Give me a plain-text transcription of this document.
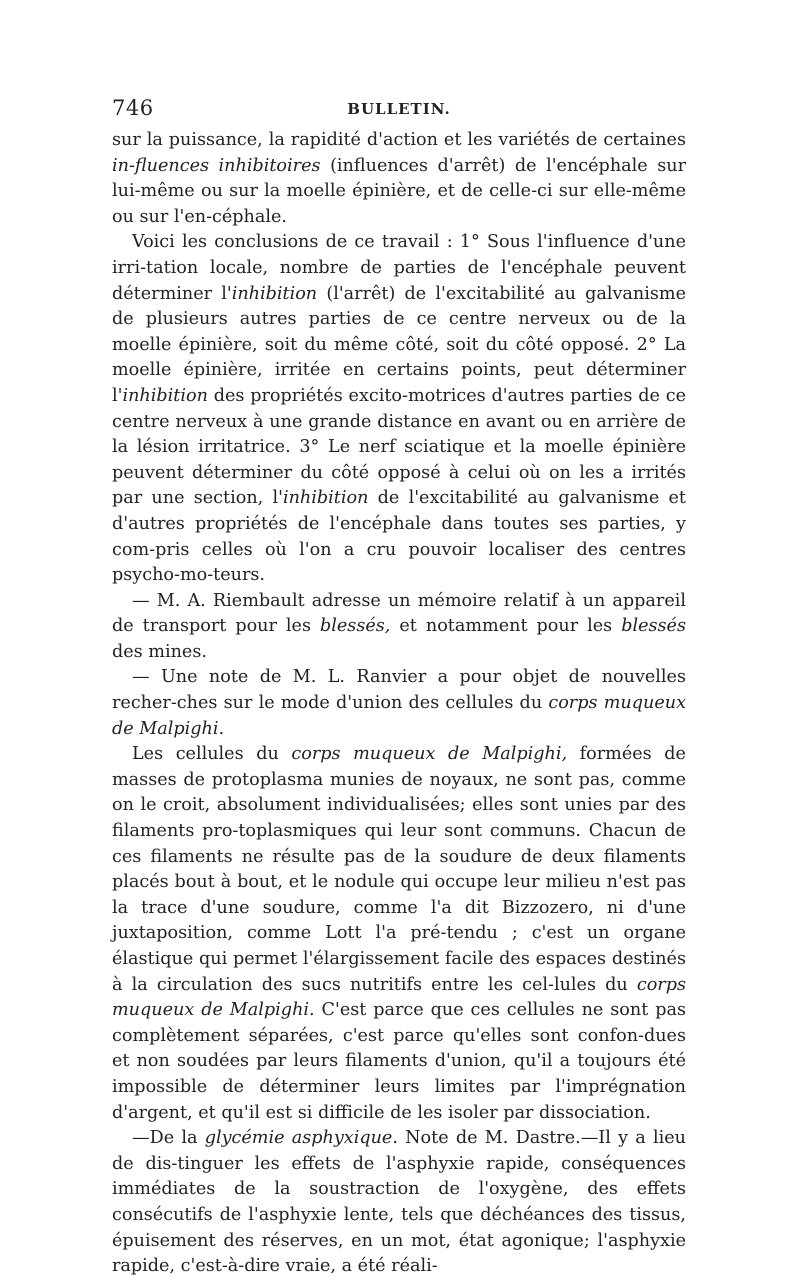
746	BULLETIN.

sur la puissance, la rapidité d'action et les variétés de certaines in-fluences inhibitoires (influences d'arrêt) de l'encéphale sur lui-même ou sur la moelle épinière, et de celle-ci sur elle-même ou sur l'en-céphale.

Voici les conclusions de ce travail : 1° Sous l'influence d'une irri-tation locale, nombre de parties de l'encéphale peuvent déterminer l'inhibition (l'arrêt) de l'excitabilité au galvanisme de plusieurs autres parties de ce centre nerveux ou de la moelle épinière, soit du même côté, soit du côté opposé. 2° La moelle épinière, irritée en certains points, peut déterminer l'inhibition des propriétés excito-motrices d'autres parties de ce centre nerveux à une grande distance en avant ou en arrière de la lésion irritatrice. 3° Le nerf sciatique et la moelle épinière peuvent déterminer du côté opposé à celui où on les a irrités par une section, l'inhibition de l'excitabilité au galvanisme et d'autres propriétés de l'encéphale dans toutes ses parties, y com-pris celles où l'on a cru pouvoir localiser des centres psycho-mo-teurs.

— M. A. Riembault adresse un mémoire relatif à un appareil de transport pour les blessés, et notamment pour les blessés des mines.

— Une note de M. L. Ranvier a pour objet de nouvelles recher-ches sur le mode d'union des cellules du corps muqueux de Malpighi.

Les cellules du corps muqueux de Malpighi, formées de masses de protoplasma munies de noyaux, ne sont pas, comme on le croit, absolument individualisées; elles sont unies par des filaments pro-toplasmiques qui leur sont communs. Chacun de ces filaments ne résulte pas de la soudure de deux filaments placés bout à bout, et le nodule qui occupe leur milieu n'est pas la trace d'une soudure, comme l'a dit Bizzozero, ni d'une juxtaposition, comme Lott l'a pré-tendu ; c'est un organe élastique qui permet l'élargissement facile des espaces destinés à la circulation des sucs nutritifs entre les cel-lules du corps muqueux de Malpighi. C'est parce que ces cellules ne sont pas complètement séparées, c'est parce qu'elles sont confon-dues et non soudées par leurs filaments d'union, qu'il a toujours été impossible de déterminer leurs limites par l'imprégnation d'argent, et qu'il est si difficile de les isoler par dissociation.

—De la glycémie asphyxique. Note de M. Dastre.—Il y a lieu de dis-tinguer les effets de l'asphyxie rapide, conséquences immédiates de la soustraction de l'oxygène, des effets consécutifs de l'asphyxie lente, tels que déchéances des tissus, épuisement des réserves, en un mot, état agonique; l'asphyxie rapide, c'est-à-dire vraie, a été réali-
